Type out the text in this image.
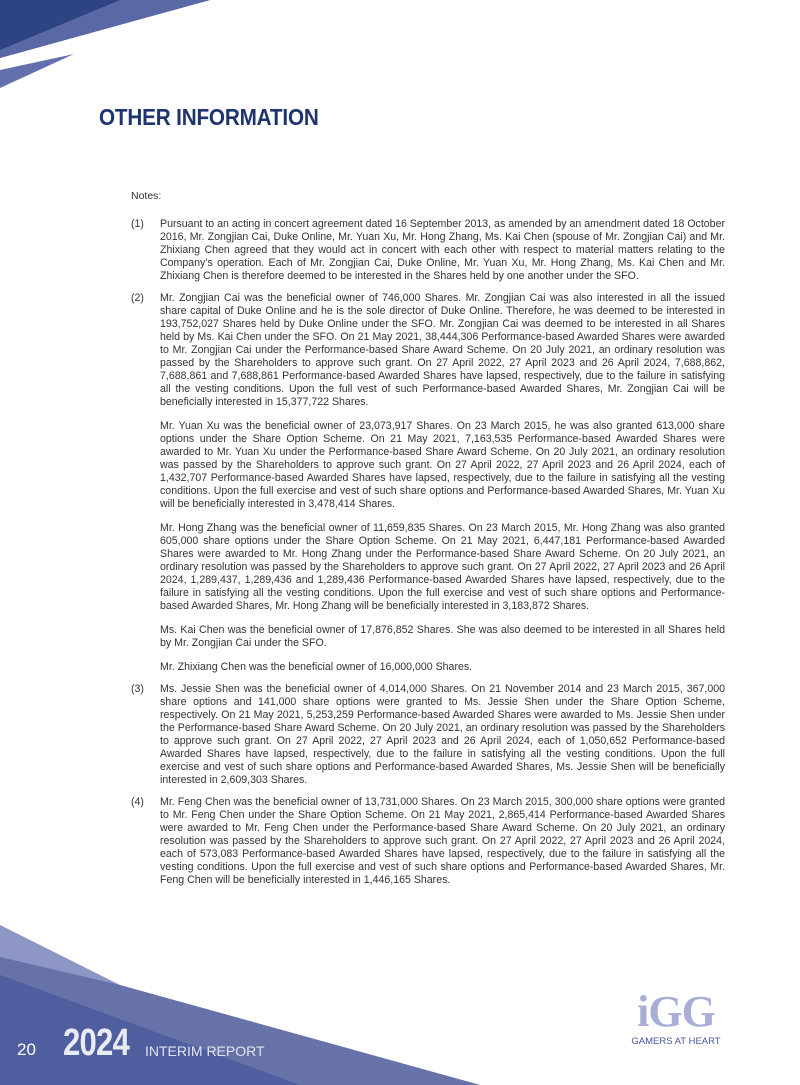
OTHER INFORMATION
Notes:
(1)	Pursuant to an acting in concert agreement dated 16 September 2013, as amended by an amendment dated 18 October 2016, Mr. Zongjian Cai, Duke Online, Mr. Yuan Xu, Mr. Hong Zhang, Ms. Kai Chen (spouse of Mr. Zongjian Cai) and Mr. Zhixiang Chen agreed that they would act in concert with each other with respect to material matters relating to the Company’s operation. Each of Mr. Zongjian Cai, Duke Online, Mr. Yuan Xu, Mr. Hong Zhang, Ms. Kai Chen and Mr. Zhixiang Chen is therefore deemed to be interested in the Shares held by one another under the SFO.

(2)	Mr. Zongjian Cai was the beneficial owner of 746,000 Shares. Mr. Zongjian Cai was also interested in all the issued share capital of Duke Online and he is the sole director of Duke Online. Therefore, he was deemed to be interested in 193,752,027 Shares held by Duke Online under the SFO. Mr. Zongjian Cai was deemed to be interested in all Shares held by Ms. Kai Chen under the SFO. On 21 May 2021, 38,444,306 Performance-based Awarded Shares were awarded to Mr. Zongjian Cai under the Performance-based Share Award Scheme. On 20 July 2021, an ordinary resolution was passed by the Shareholders to approve such grant. On 27 April 2022, 27 April 2023 and 26 April 2024, 7,688,862, 7,688,861 and 7,688,861 Performance-based Awarded Shares have lapsed, respectively, due to the failure in satisfying all the vesting conditions. Upon the full vest of such Performance-based Awarded Shares, Mr. Zongjian Cai will be beneficially interested in 15,377,722 Shares.

Mr. Yuan Xu was the beneficial owner of 23,073,917 Shares. On 23 March 2015, he was also granted 613,000 share options under the Share Option Scheme. On 21 May 2021, 7,163,535 Performance-based Awarded Shares were awarded to Mr. Yuan Xu under the Performance-based Share Award Scheme. On 20 July 2021, an ordinary resolution was passed by the Shareholders to approve such grant. On 27 April 2022, 27 April 2023 and 26 April 2024, each of 1,432,707 Performance-based Awarded Shares have lapsed, respectively, due to the failure in satisfying all the vesting conditions. Upon the full exercise and vest of such share options and Performance-based Awarded Shares, Mr. Yuan Xu will be beneficially interested in 3,478,414 Shares.

Mr. Hong Zhang was the beneficial owner of 11,659,835 Shares. On 23 March 2015, Mr. Hong Zhang was also granted 605,000 share options under the Share Option Scheme. On 21 May 2021, 6,447,181 Performance-based Awarded Shares were awarded to Mr. Hong Zhang under the Performance-based Share Award Scheme. On 20 July 2021, an ordinary resolution was passed by the Shareholders to approve such grant. On 27 April 2022, 27 April 2023 and 26 April 2024, 1,289,437, 1,289,436 and 1,289,436 Performance-based Awarded Shares have lapsed, respectively, due to the failure in satisfying all the vesting conditions. Upon the full exercise and vest of such share options and Performance-based Awarded Shares, Mr. Hong Zhang will be beneficially interested in 3,183,872 Shares.

Ms. Kai Chen was the beneficial owner of 17,876,852 Shares. She was also deemed to be interested in all Shares held by Mr. Zongjian Cai under the SFO.

Mr. Zhixiang Chen was the beneficial owner of 16,000,000 Shares.

(3)	Ms. Jessie Shen was the beneficial owner of 4,014,000 Shares. On 21 November 2014 and 23 March 2015, 367,000 share options and 141,000 share options were granted to Ms. Jessie Shen under the Share Option Scheme, respectively. On 21 May 2021, 5,253,259 Performance-based Awarded Shares were awarded to Ms. Jessie Shen under the Performance-based Share Award Scheme. On 20 July 2021, an ordinary resolution was passed by the Shareholders to approve such grant. On 27 April 2022, 27 April 2023 and 26 April 2024, each of 1,050,652 Performance-based Awarded Shares have lapsed, respectively, due to the failure in satisfying all the vesting conditions. Upon the full exercise and vest of such share options and Performance-based Awarded Shares, Ms. Jessie Shen will be beneficially interested in 2,609,303 Shares.

(4)	Mr. Feng Chen was the beneficial owner of 13,731,000 Shares. On 23 March 2015, 300,000 share options were granted to Mr. Feng Chen under the Share Option Scheme. On 21 May 2021, 2,865,414 Performance-based Awarded Shares were awarded to Mr. Feng Chen under the Performance-based Share Award Scheme. On 20 July 2021, an ordinary resolution was passed by the Shareholders to approve such grant. On 27 April 2022, 27 April 2023 and 26 April 2024, each of 573,083 Performance-based Awarded Shares have lapsed, respectively, due to the failure in satisfying all the vesting conditions. Upon the full exercise and vest of such share options and Performance-based Awarded Shares, Mr. Feng Chen will be beneficially interested in 1,446,165 Shares.

20 2024 INTERIM REPORT
iGG
GAMERS AT HEART
